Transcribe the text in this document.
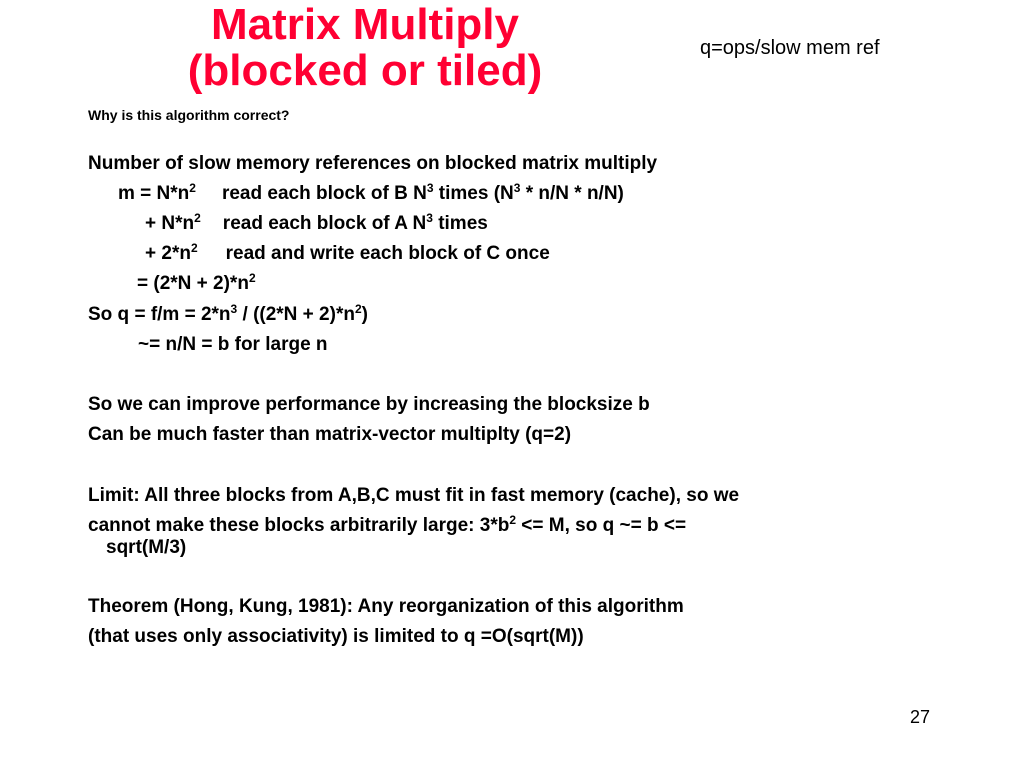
Matrix Multiply
(blocked or tiled)	q=ops/slow mem ref
Why is this algorithm correct?
Number of slow memory references on blocked matrix multiply
$m = N*n^2$ read each block of B $N^3$ times $(N^3 * n/N * n/N)$
+ $N*n^2$ read each block of A $N^3$ times
+ $2*n^2$ read and write each block of C once
= $(2*N + 2)*n^2$
So $q = f/m = 2*n^3 / ((2*N + 2)*n^2)$
~= n/N = b for large n
So we can improve performance by increasing the blocksize b
Can be much faster than matrix-vector multiplty (q=2)
Limit: All three blocks from A,B,C must fit in fast memory (cache), so we
cannot make these blocks arbitrarily large: $3*b^2 <= M$, so q ~= b <=
sqrt(M/3)
Theorem (Hong, Kung, 1981): Any reorganization of this algorithm
(that uses only associativity) is limited to q =O(sqrt(M))
27
